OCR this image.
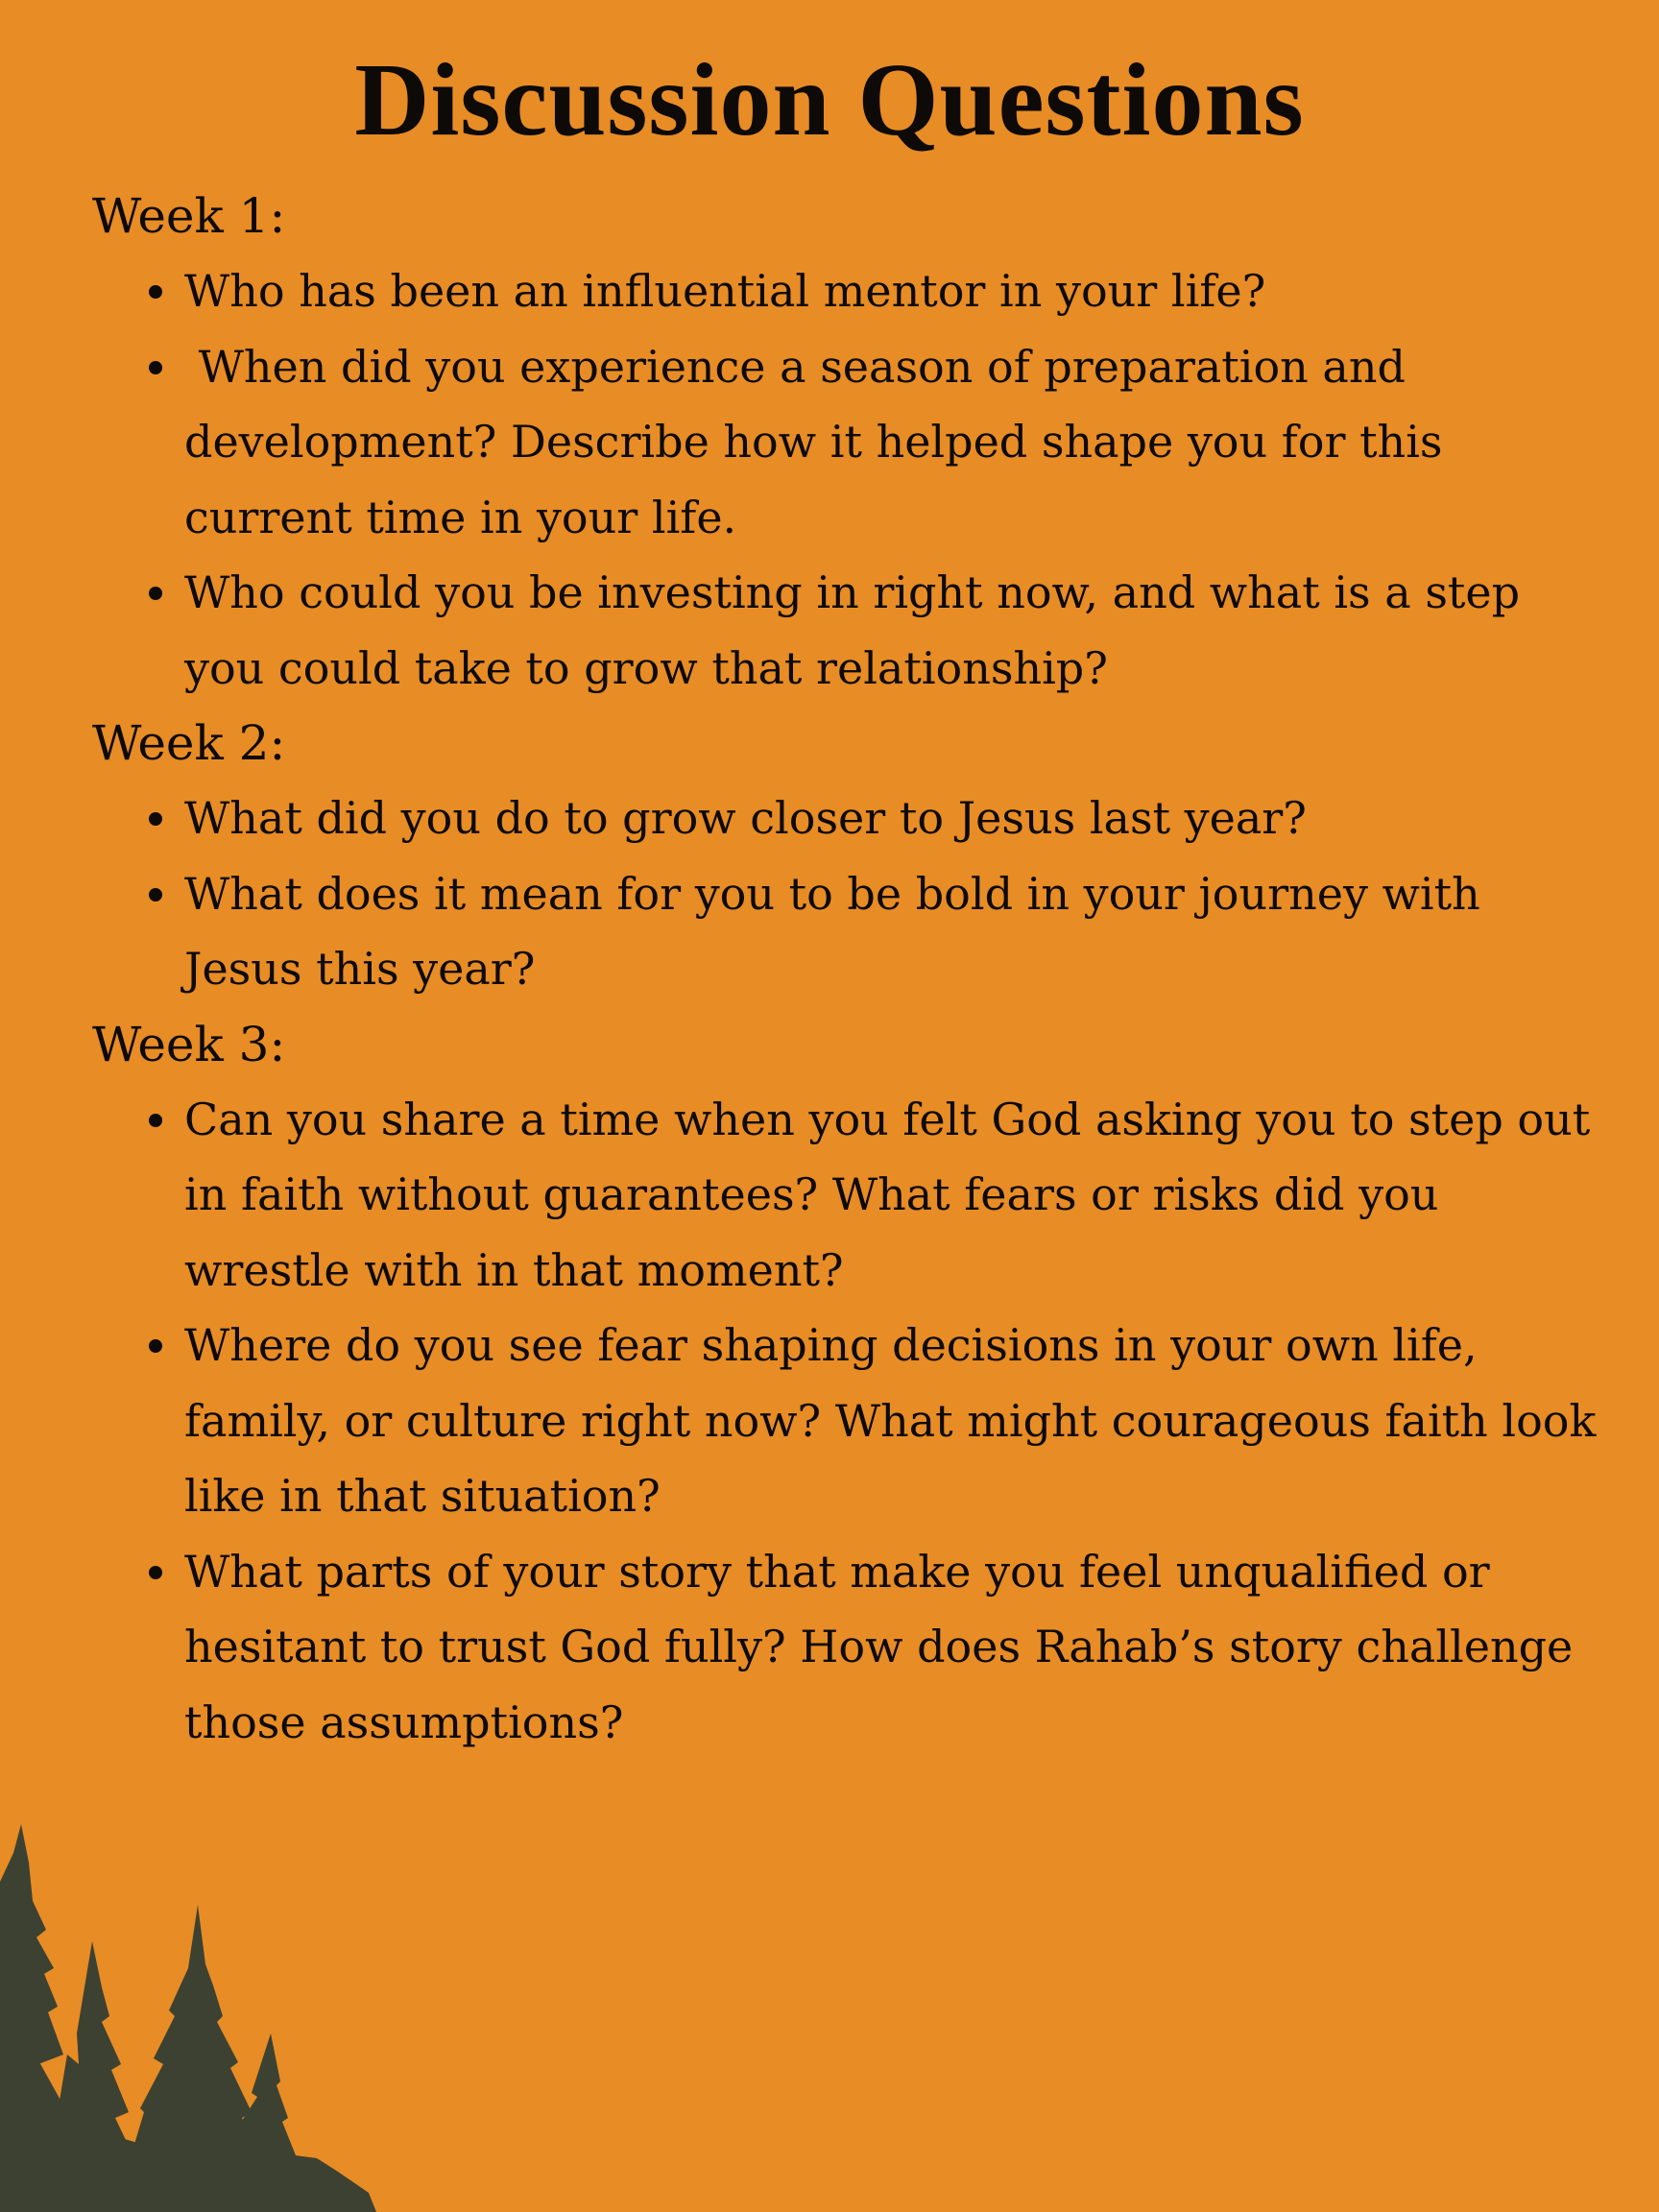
Discussion Questions

Week 1:

Who has been an influential mentor in your life?
When did you experience a season of preparation and development? Describe how it helped shape you for this current time in your life.
Who could you be investing in right now, and what is a step you could take to grow that relationship?

Week 2:

What did you do to grow closer to Jesus last year?
What does it mean for you to be bold in your journey with Jesus this year?

Week 3:

Can you share a time when you felt God asking you to step out in faith without guarantees? What fears or risks did you wrestle with in that moment?
Where do you see fear shaping decisions in your own life, family, or culture right now? What might courageous faith look like in that situation?
What parts of your story that make you feel unqualified or hesitant to trust God fully? How does Rahab’s story challenge those assumptions?
